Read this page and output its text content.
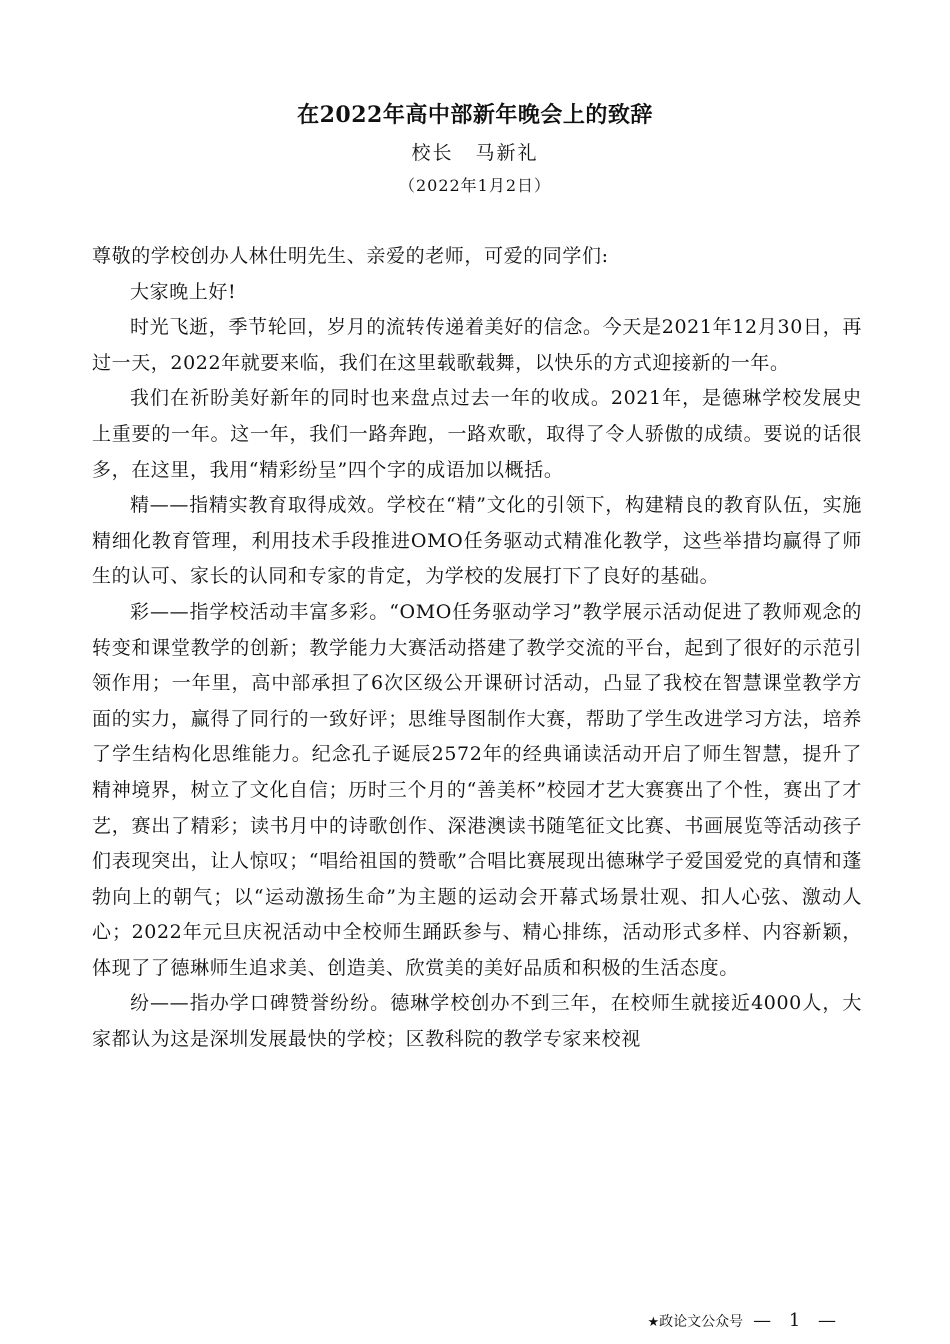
在2022年高中部新年晚会上的致辞
校长 马新礼
（2022年1月2日）

尊敬的学校创办人林仕明先生、亲爱的老师，可爱的同学们:

大家晚上好!

时光飞逝，季节轮回，岁月的流转传递着美好的信念。今天是2021年12月30日，再过一天，2022年就要来临，我们在这里载歌载舞，以快乐的方式迎接新的一年。

我们在祈盼美好新年的同时也来盘点过去一年的收成。2021年，是德琳学校发展史上重要的一年。这一年，我们一路奔跑，一路欢歌，取得了令人骄傲的成绩。要说的话很多，在这里，我用“精彩纷呈”四个字的成语加以概括。

精——指精实教育取得成效。学校在“精”文化的引领下，构建精良的教育队伍，实施精细化教育管理，利用技术手段推进OMO任务驱动式精准化教学，这些举措均赢得了师生的认可、家长的认同和专家的肯定，为学校的发展打下了良好的基础。

彩——指学校活动丰富多彩。“OMO任务驱动学习”教学展示活动促进了教师观念的转变和课堂教学的创新；教学能力大赛活动搭建了教学交流的平台，起到了很好的示范引领作用；一年里，高中部承担了6次区级公开课研讨活动，凸显了我校在智慧课堂教学方面的实力，赢得了同行的一致好评；思维导图制作大赛，帮助了学生改进学习方法，培养了学生结构化思维能力。纪念孔子诞辰2572年的经典诵读活动开启了师生智慧，提升了精神境界，树立了文化自信；历时三个月的“善美杯”校园才艺大赛赛出了个性，赛出了才艺，赛出了精彩；读书月中的诗歌创作、深港澳读书随笔征文比赛、书画展览等活动孩子们表现突出，让人惊叹；“唱给祖国的赞歌”合唱比赛展现出德琳学子爱国爱党的真情和蓬勃向上的朝气；以“运动激扬生命”为主题的运动会开幕式场景壮观、扣人心弦、激动人心；2022年元旦庆祝活动中全校师生踊跃参与、精心排练，活动形式多样、内容新颖，体现了了德琳师生追求美、创造美、欣赏美的美好品质和积极的生活态度。

纷——指办学口碑赞誉纷纷。德琳学校创办不到三年，在校师生就接近4000人，大家都认为这是深圳发展最快的学校；区教科院的教学专家来校视

★政论文公众号 — 1 —
